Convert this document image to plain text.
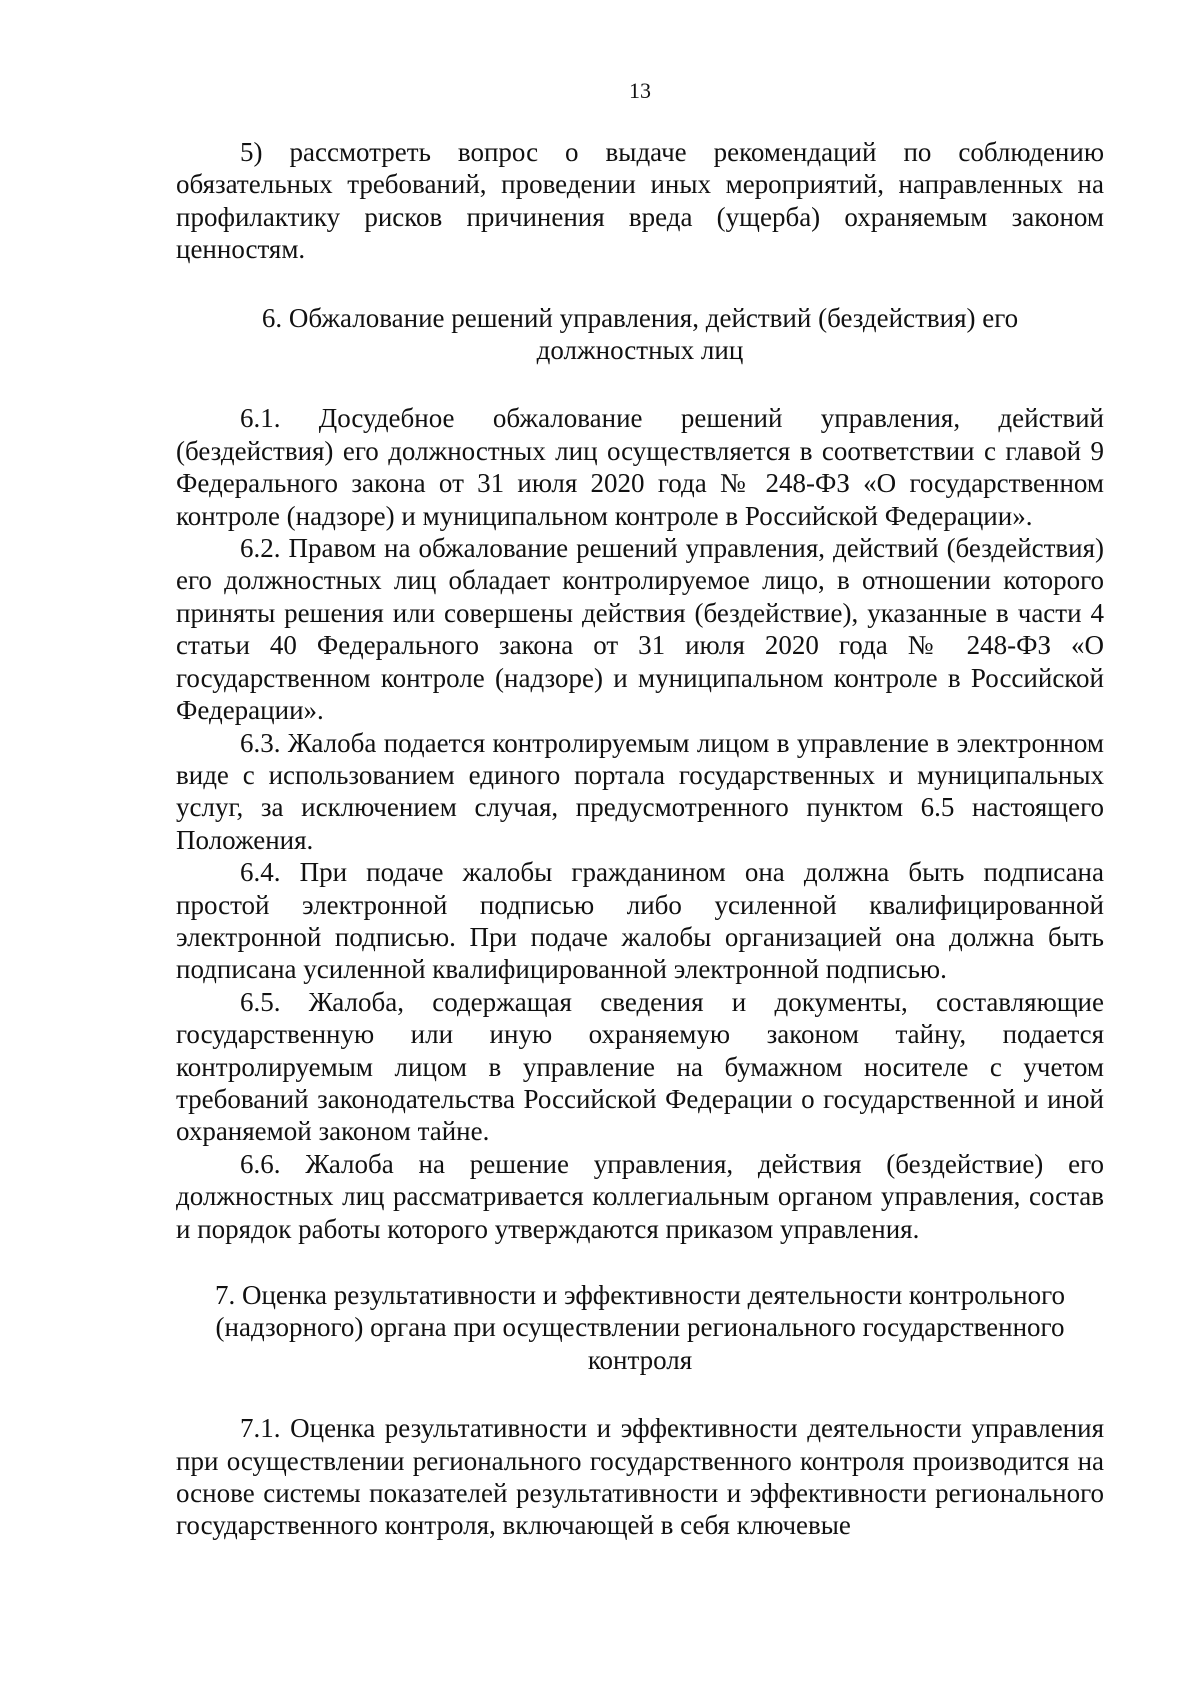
13

5) рассмотреть вопрос о выдаче рекомендаций по соблюдению обязательных требований, проведении иных мероприятий, направленных на профилактику рисков причинения вреда (ущерба) охраняемым законом ценностям.

6. Обжалование решений управления, действий (бездействия) его должностных лиц

6.1. Досудебное обжалование решений управления, действий (бездействия) его должностных лиц осуществляется в соответствии с главой 9 Федерального закона от 31 июля 2020 года № 248-ФЗ «О государственном контроле (надзоре) и муниципальном контроле в Российской Федерации».

6.2. Правом на обжалование решений управления, действий (бездействия) его должностных лиц обладает контролируемое лицо, в отношении которого приняты решения или совершены действия (бездействие), указанные в части 4 статьи 40 Федерального закона от 31 июля 2020 года № 248-ФЗ «О государственном контроле (надзоре) и муниципальном контроле в Российской Федерации».

6.3. Жалоба подается контролируемым лицом в управление в электронном виде с использованием единого портала государственных и муниципальных услуг, за исключением случая, предусмотренного пунктом 6.5 настоящего Положения.

6.4. При подаче жалобы гражданином она должна быть подписана простой электронной подписью либо усиленной квалифицированной электронной подписью. При подаче жалобы организацией она должна быть подписана усиленной квалифицированной электронной подписью.

6.5. Жалоба, содержащая сведения и документы, составляющие государственную или иную охраняемую законом тайну, подается контролируемым лицом в управление на бумажном носителе с учетом требований законодательства Российской Федерации о государственной и иной охраняемой законом тайне.

6.6. Жалоба на решение управления, действия (бездействие) его должностных лиц рассматривается коллегиальным органом управления, состав и порядок работы которого утверждаются приказом управления.

7. Оценка результативности и эффективности деятельности контрольного (надзорного) органа при осуществлении регионального государственного контроля

7.1. Оценка результативности и эффективности деятельности управления при осуществлении регионального государственного контроля производится на основе системы показателей результативности и эффективности регионального государственного контроля, включающей в себя ключевые
